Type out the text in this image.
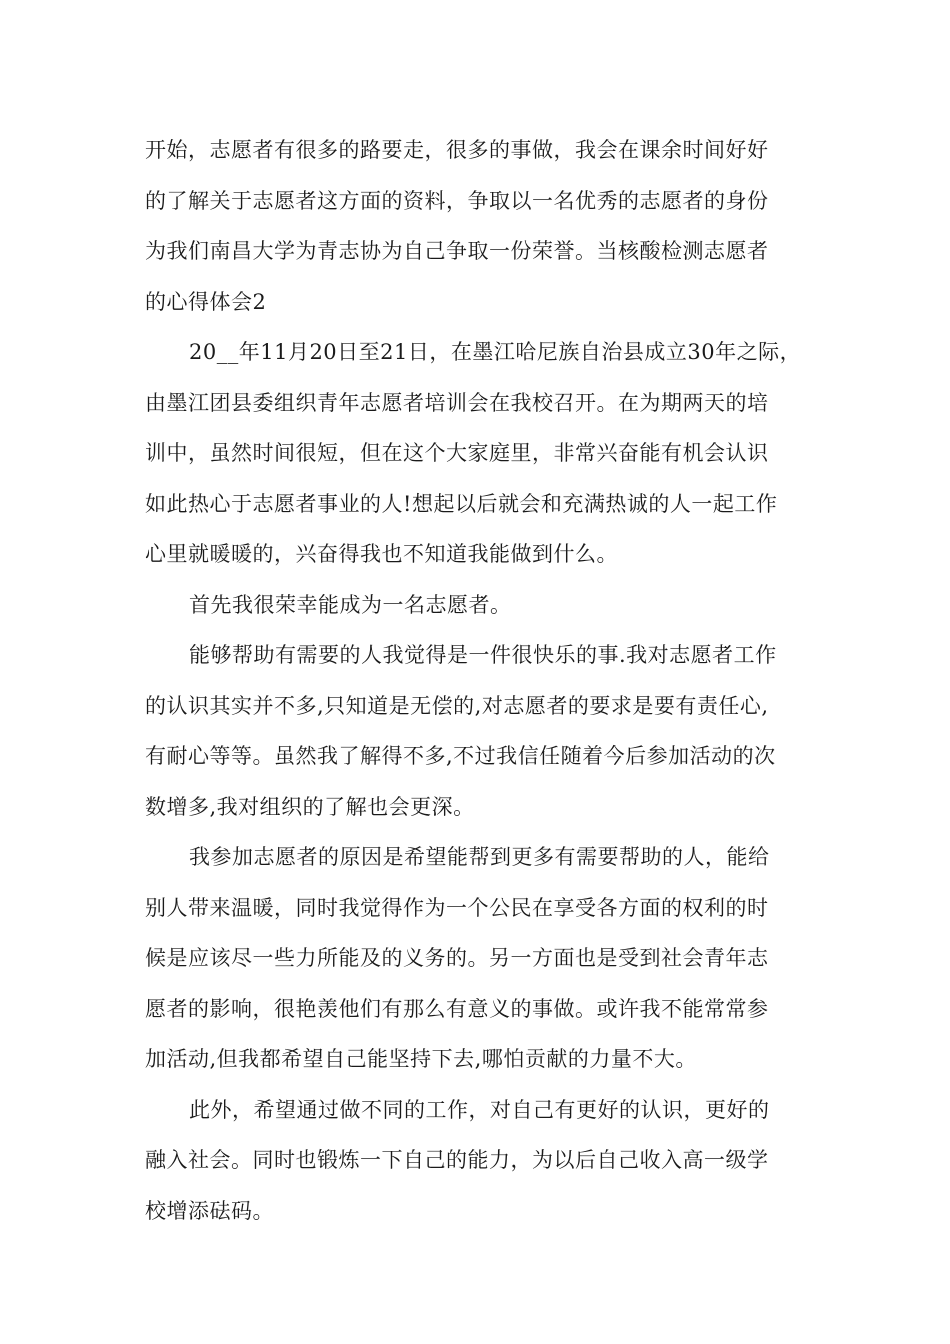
开始，志愿者有很多的路要走，很多的事做，我会在课余时间好好
的了解关于志愿者这方面的资料，争取以一名优秀的志愿者的身份
为我们南昌大学为青志协为自己争取一份荣誉。当核酸检测志愿者
的心得体会2
20__年11月20日至21日，在墨江哈尼族自治县成立30年之际，
由墨江团县委组织青年志愿者培训会在我校召开。在为期两天的培
训中，虽然时间很短，但在这个大家庭里，非常兴奋能有机会认识
如此热心于志愿者事业的人!想起以后就会和充满热诚的人一起工作
心里就暖暖的，兴奋得我也不知道我能做到什么。
首先我很荣幸能成为一名志愿者。
能够帮助有需要的人我觉得是一件很快乐的事.我对志愿者工作
的认识其实并不多,只知道是无偿的,对志愿者的要求是要有责任心,
有耐心等等。虽然我了解得不多,不过我信任随着今后参加活动的次
数增多,我对组织的了解也会更深。
我参加志愿者的原因是希望能帮到更多有需要帮助的人，能给
别人带来温暖，同时我觉得作为一个公民在享受各方面的权利的时
候是应该尽一些力所能及的义务的。另一方面也是受到社会青年志
愿者的影响，很艳羡他们有那么有意义的事做。或许我不能常常参
加活动,但我都希望自己能坚持下去,哪怕贡献的力量不大。
此外，希望通过做不同的工作，对自己有更好的认识，更好的
融入社会。同时也锻炼一下自己的能力，为以后自己收入高一级学
校增添砝码。
